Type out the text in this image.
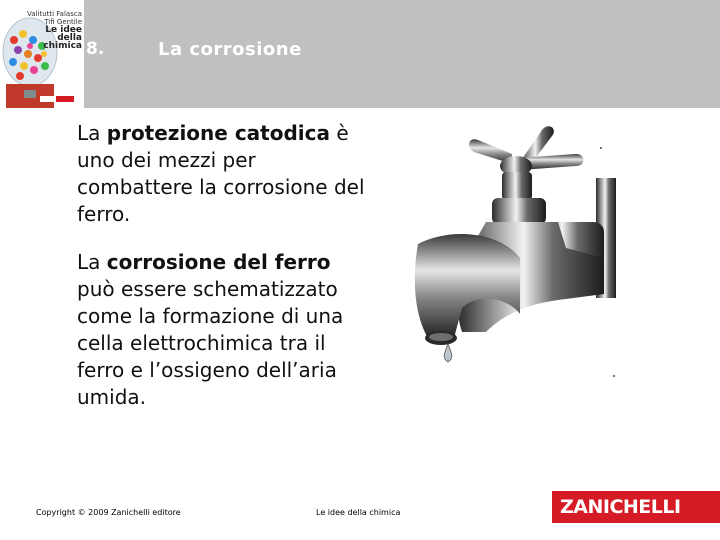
Valitutti Falasca Tifi Gentile
Le idee della chimica 8.	La corrosione
La protezione catodica è uno dei mezzi per combattere la corrosione del ferro.
La corrosione del ferro può essere schematizzato come la formazione di una cella elettrochimica tra il ferro e l’ossigeno dell’aria umida.
Copyright © 2009 Zanichelli editore	Le idee della chimica	ZANICHELLI
